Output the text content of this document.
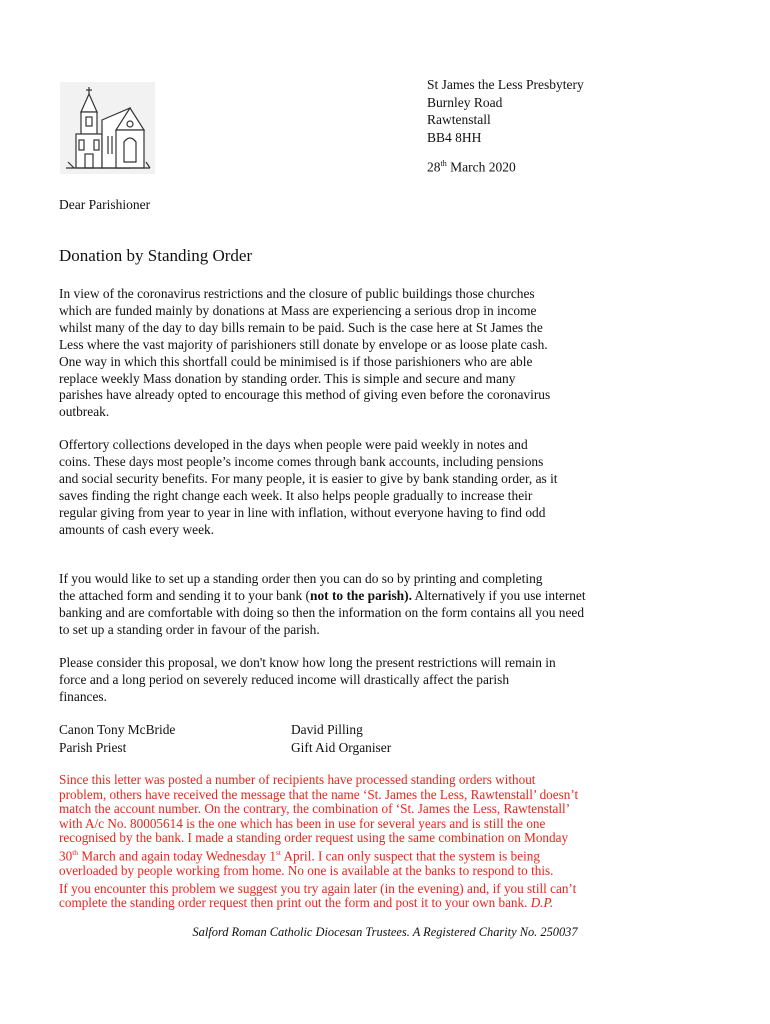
St James the Less Presbytery
Burnley Road
Rawtenstall
BB4 8HH
28th March 2020
Dear Parishioner
Donation by Standing Order
In view of the coronavirus restrictions and the closure of public buildings those churches
which are funded mainly by donations at Mass are experiencing a serious drop in income
whilst many of the day to day bills remain to be paid. Such is the case here at St James the
Less where the vast majority of parishioners still donate by envelope or as loose plate cash.
One way in which this shortfall could be minimised is if those parishioners who are able
replace weekly Mass donation by standing order. This is simple and secure and many
parishes have already opted to encourage this method of giving even before the coronavirus
outbreak.
Offertory collections developed in the days when people were paid weekly in notes and
coins. These days most people’s income comes through bank accounts, including pensions
and social security benefits. For many people, it is easier to give by bank standing order, as it
saves finding the right change each week. It also helps people gradually to increase their
regular giving from year to year in line with inflation, without everyone having to find odd
amounts of cash every week.
If you would like to set up a standing order then you can do so by printing and completing
the attached form and sending it to your bank (not to the parish). Alternatively if you use internet
banking and are comfortable with doing so then the information on the form contains all you need
to set up a standing order in favour of the parish.
Please consider this proposal, we don't know how long the present restrictions will remain in
force and a long period on severely reduced income will drastically affect the parish
finances.
Canon Tony McBride
Parish Priest
David Pilling
Gift Aid Organiser
Since this letter was posted a number of recipients have processed standing orders without
problem, others have received the message that the name ‘St. James the Less, Rawtenstall’ doesn’t
match the account number. On the contrary, the combination of ‘St. James the Less, Rawtenstall’
with A/c No. 80005614 is the one which has been in use for several years and is still the one
recognised by the bank. I made a standing order request using the same combination on Monday
30th March and again today Wednesday 1st April. I can only suspect that the system is being
overloaded by people working from home. No one is available at the banks to respond to this.
If you encounter this problem we suggest you try again later (in the evening) and, if you still can’t
complete the standing order request then print out the form and post it to your own bank. D.P.
Salford Roman Catholic Diocesan Trustees. A Registered Charity No. 250037
